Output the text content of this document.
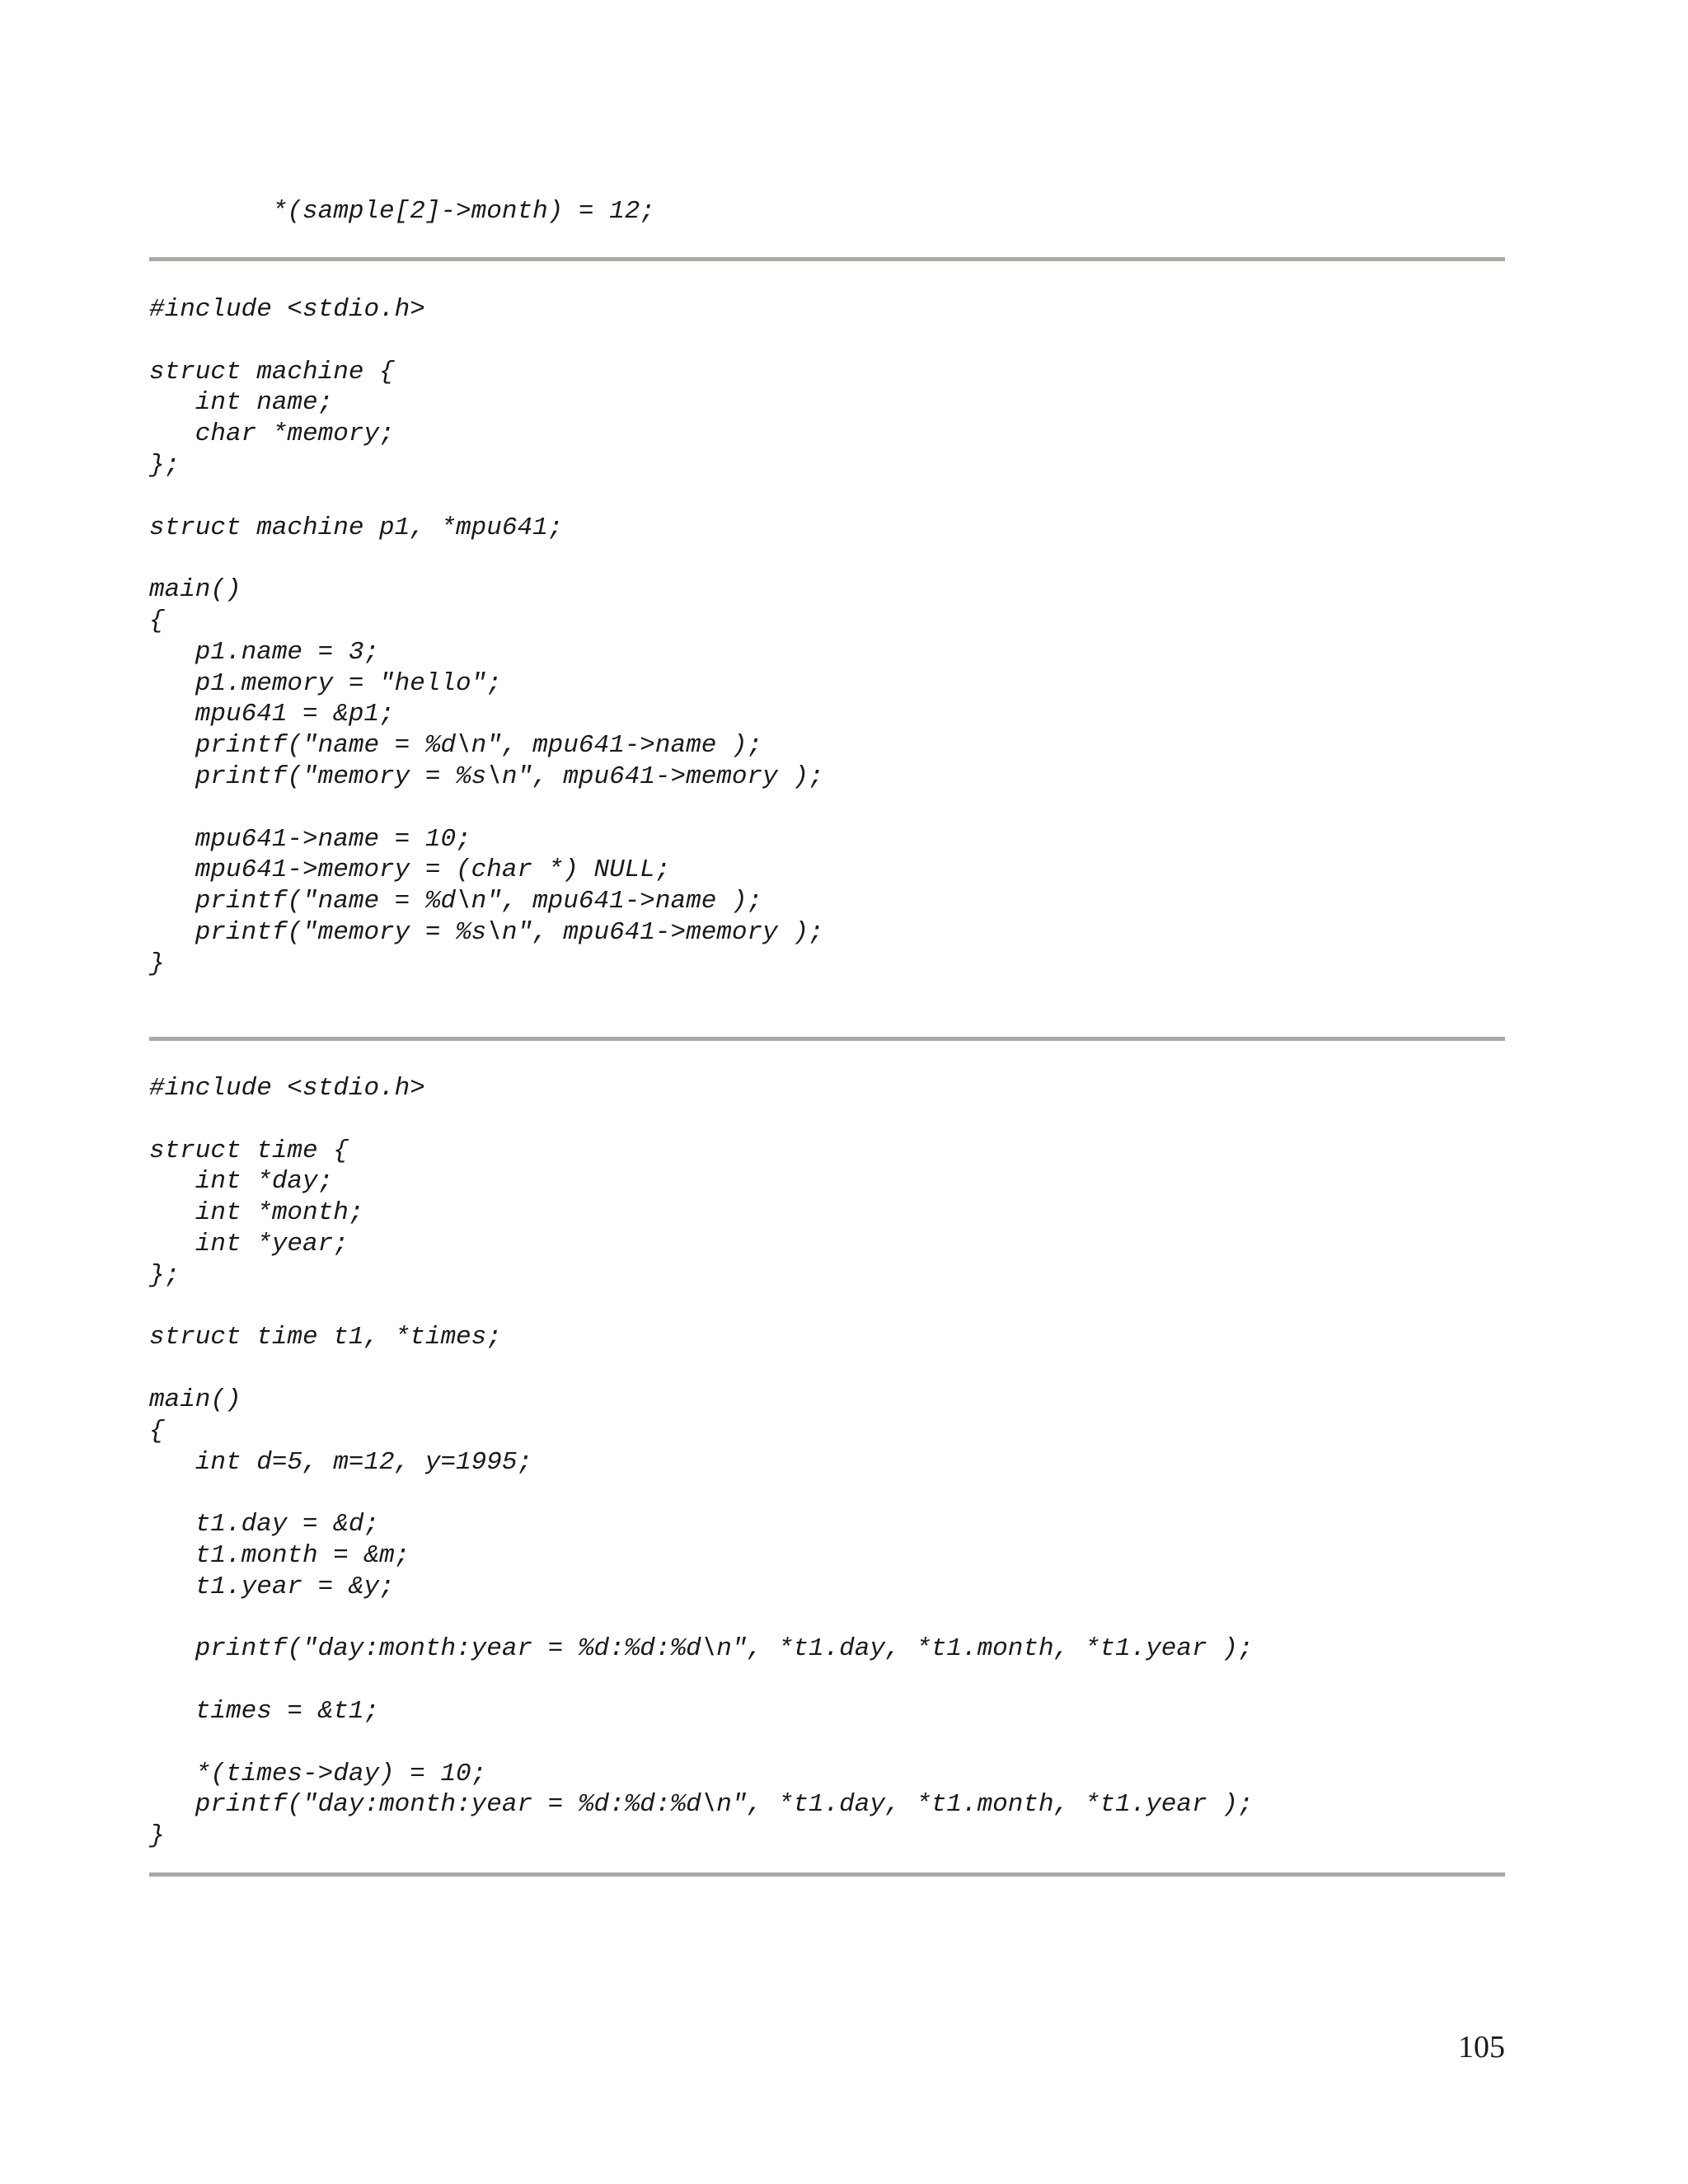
*(sample[2]->month) = 12;
#include <stdio.h>
struct machine {
int name;
char *memory;
};
struct machine p1, *mpu641;
main()
{
p1.name = 3;
p1.memory = "hello";
mpu641 = &p1;
printf("name = %d\n", mpu641->name );
printf("memory = %s\n", mpu641->memory );
mpu641->name = 10;
mpu641->memory = (char *) NULL;
printf("name = %d\n", mpu641->name );
printf("memory = %s\n", mpu641->memory );
}
#include <stdio.h>
struct time {
int *day;
int *month;
int *year;
};
struct time t1, *times;
main()
{
int d=5, m=12, y=1995;
t1.day = &d;
t1.month = &m;
t1.year = &y;
printf("day:month:year = %d:%d:%d\n", *t1.day, *t1.month, *t1.year );
times = &t1;
*(times->day) = 10;
printf("day:month:year = %d:%d:%d\n", *t1.day, *t1.month, *t1.year );
}
105
